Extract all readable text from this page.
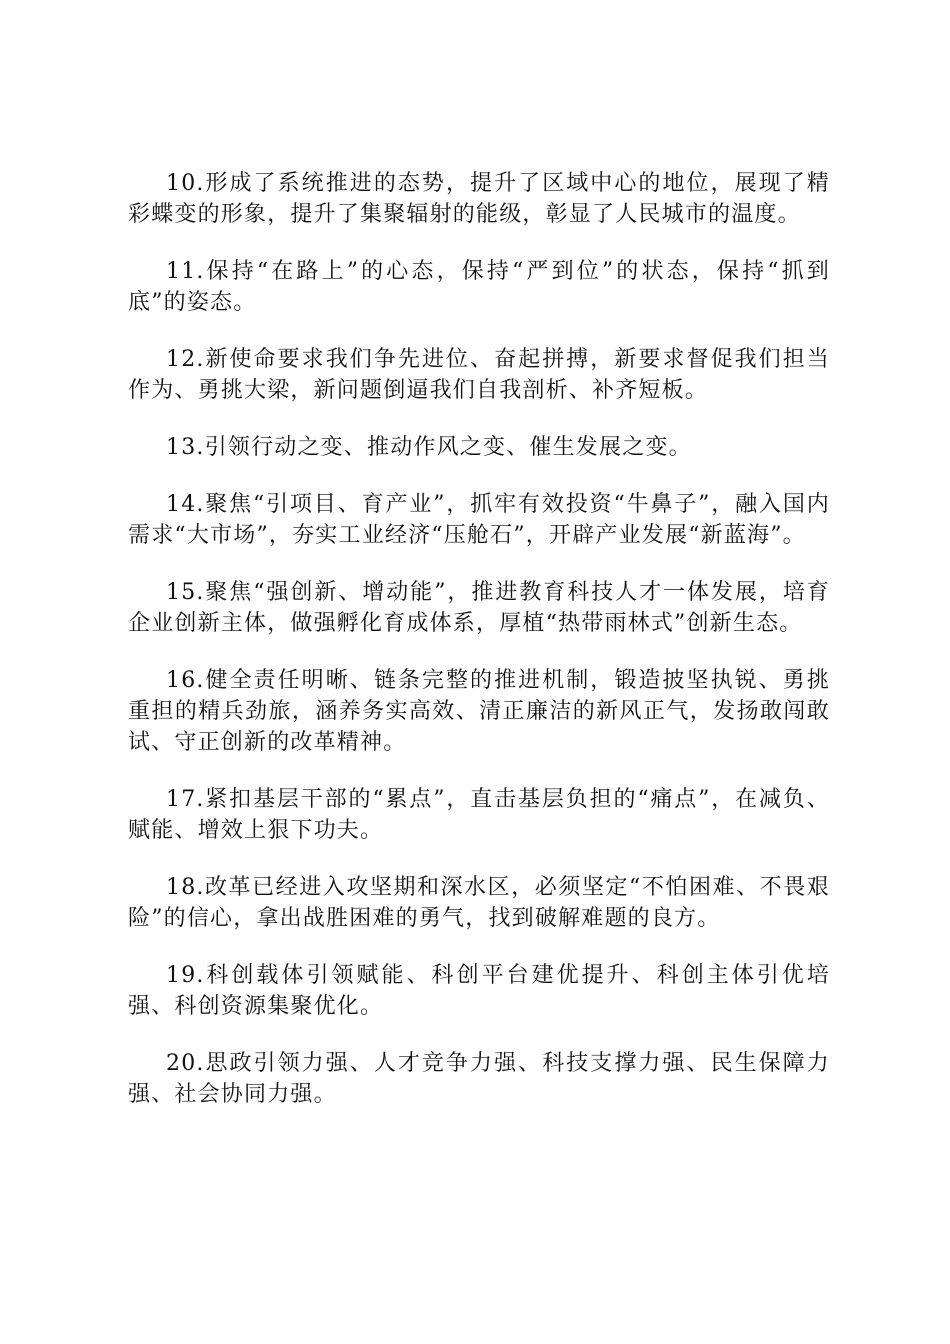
10.形成了系统推进的态势，提升了区域中心的地位，展现了精彩蝶变的形象，提升了集聚辐射的能级，彰显了人民城市的温度。

11.保持“在路上”的心态，保持“严到位”的状态，保持“抓到底”的姿态。

12.新使命要求我们争先进位、奋起拼搏，新要求督促我们担当作为、勇挑大梁，新问题倒逼我们自我剖析、补齐短板。

13.引领行动之变、推动作风之变、催生发展之变。

14.聚焦“引项目、育产业”，抓牢有效投资“牛鼻子”，融入国内需求“大市场”，夯实工业经济“压舱石”，开辟产业发展“新蓝海”。

15.聚焦“强创新、增动能”，推进教育科技人才一体发展，培育企业创新主体，做强孵化育成体系，厚植“热带雨林式”创新生态。

16.健全责任明晰、链条完整的推进机制，锻造披坚执锐、勇挑重担的精兵劲旅，涵养务实高效、清正廉洁的新风正气，发扬敢闯敢试、守正创新的改革精神。

17.紧扣基层干部的“累点”，直击基层负担的“痛点”，在减负、赋能、增效上狠下功夫。

18.改革已经进入攻坚期和深水区，必须坚定“不怕困难、不畏艰险”的信心，拿出战胜困难的勇气，找到破解难题的良方。

19.科创载体引领赋能、科创平台建优提升、科创主体引优培强、科创资源集聚优化。

20.思政引领力强、人才竞争力强、科技支撑力强、民生保障力强、社会协同力强。
